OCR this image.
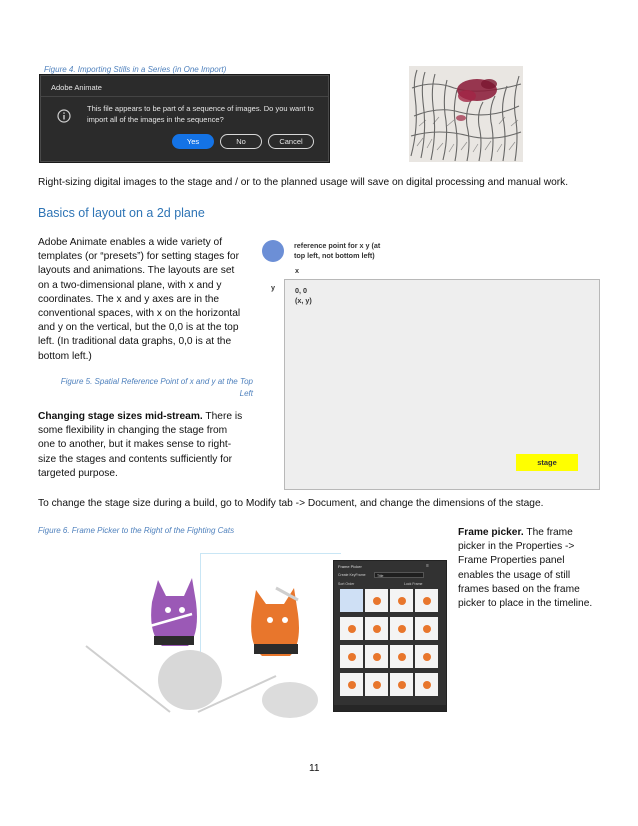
Figure 4. Importing Stills in a Series (in One Import)
Adobe Animate
This file appears to be part of a sequence of images. Do you want to
import all of the images in the sequence?
Yes	No	Cancel
Right-sizing digital images to the stage and / or to the planned usage will save on digital processing and manual work.
Basics of layout on a 2d plane
Adobe Animate enables a wide variety of
templates (or “presets”) for setting stages for
layouts and animations. The layouts are set
on a two-dimensional plane, with x and y
coordinates. The x and y axes are in the
conventional spaces, with x on the horizontal
and y on the vertical, but the 0,0 is at the top
left. (In traditional data graphs, 0,0 is at the
bottom left.)
Figure 5. Spatial Reference Point of x and y at the Top
Left
reference point for x y (at
top left, not bottom left)
x
y	0, 0
(x, y)
stage
Changing stage sizes mid-stream. There is
some flexibility in changing the stage from
one to another, but it makes sense to right-
size the stages and contents sufficiently for
targeted purpose.
To change the stage size during a build, go to Modify tab -> Document, and change the dimensions of the stage.
Figure 6. Frame Picker to the Right of the Fighting Cats
Frame Picker	≡
Create KeyFrame	Title
Sort Order	Lock Frame
Frame picker. The frame
picker in the Properties ->
Frame Properties panel
enables the usage of still
frames based on the frame
picker to place in the timeline.
11
